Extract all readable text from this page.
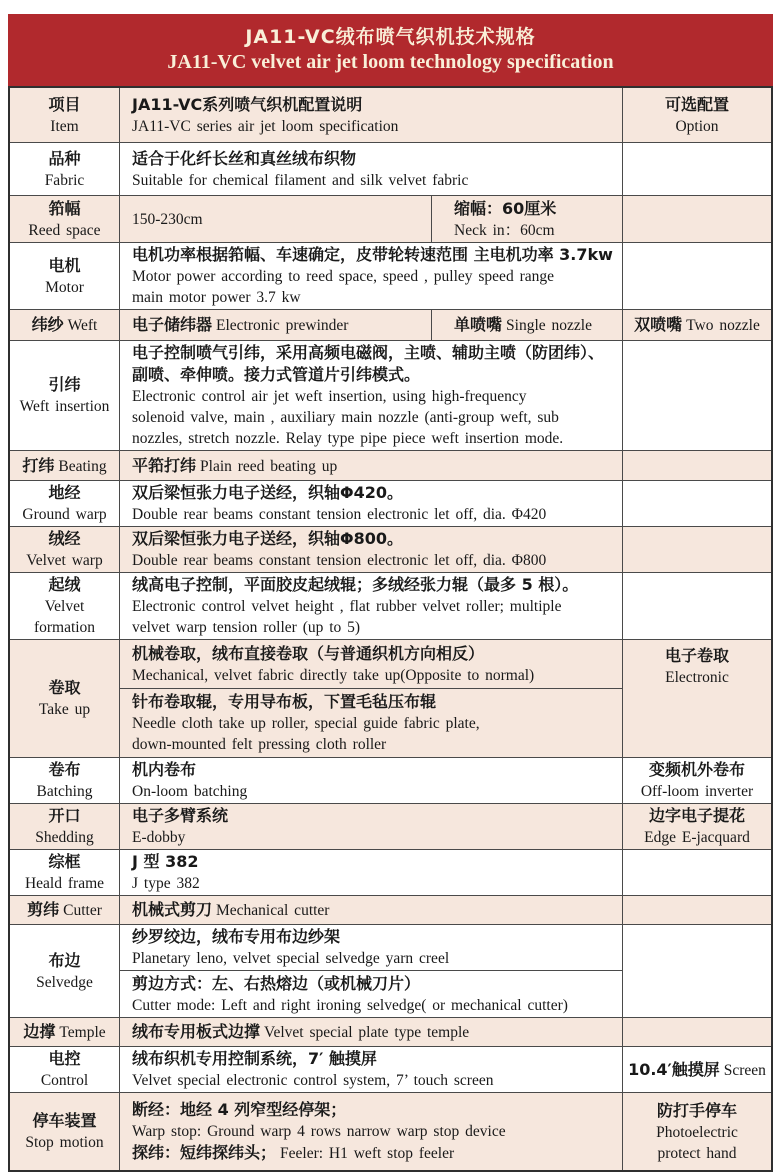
JA11-VC绒布喷气织机技术规格
JA11-VC velvet air jet loom technology specification
项目
Item
JA11-VC系列喷气织机配置说明
JA11-VC series air jet loom specification
可选配置
Option
品种
Fabric
适合于化纤长丝和真丝绒布织物
Suitable for chemical filament and silk velvet fabric
筘幅
Reed space
150-230cm
缩幅：60厘米
Neck in：60cm
电机
Motor
电机功率根据筘幅、车速确定，皮带轮转速范围 主电机功率 3.7kw
Motor power according to reed space, speed , pulley speed range
main motor power 3.7 kw
纬纱 Weft 电子储纬器 Electronic prewinder	单喷嘴 Single nozzle	双喷嘴 Two nozzle
引纬
Weft insertion
电子控制喷气引纬，采用高频电磁阀，主喷、辅助主喷（防团纬）、
副喷、牵伸喷。接力式管道片引纬模式。
Electronic control air jet weft insertion, using high-frequency
solenoid valve, main , auxiliary main nozzle (anti-group weft, sub
nozzles, stretch nozzle. Relay type pipe piece weft insertion mode.
打纬 Beating 平筘打纬 Plain reed beating up
地经
Ground warp
双后梁恒张力电子送经，织轴Φ420。
Double rear beams constant tension electronic let off, dia. Φ420
绒经
Velvet warp
双后梁恒张力电子送经，织轴Φ800。
Double rear beams constant tension electronic let off, dia. Φ800
起绒
Velvet
formation
绒高电子控制，平面胶皮起绒辊；多绒经张力辊（最多 5 根）。
Electronic control velvet height , flat rubber velvet roller; multiple
velvet warp tension roller (up to 5)
卷取
Take up
机械卷取，绒布直接卷取（与普通织机方向相反）
Mechanical, velvet fabric directly take up(Opposite to normal)
针布卷取辊，专用导布板，下置毛毡压布辊
Needle cloth take up roller, special guide fabric plate,
down-mounted felt pressing cloth roller
电子卷取
Electronic
卷布
Batching
机内卷布
On-loom batching
变频机外卷布
Off-loom inverter
开口
Shedding
电子多臂系统
E-dobby
边字电子提花
Edge E-jacquard
综框
Heald frame
J 型 382
J type 382
剪纬 Cutter 机械式剪刀 Mechanical cutter
布边
Selvedge
纱罗绞边，绒布专用布边纱架
Planetary leno, velvet special selvedge yarn creel
剪边方式：左、右热熔边（或机械刀片）
Cutter mode: Left and right ironing selvedge( or mechanical cutter)
边撑 Temple 绒布专用板式边撑 Velvet special plate type temple
电控
Control
绒布织机专用控制系统，7′ 触摸屏
Velvet special electronic control system, 7’ touch screen
10.4′触摸屏 Screen
停车装置
Stop motion
断经：地经 4 列窄型经停架；
Warp stop: Ground warp 4 rows narrow warp stop device
探纬：短纬探纬头； Feeler: H1 weft stop feeler
防打手停车
Photoelectric
protect hand
